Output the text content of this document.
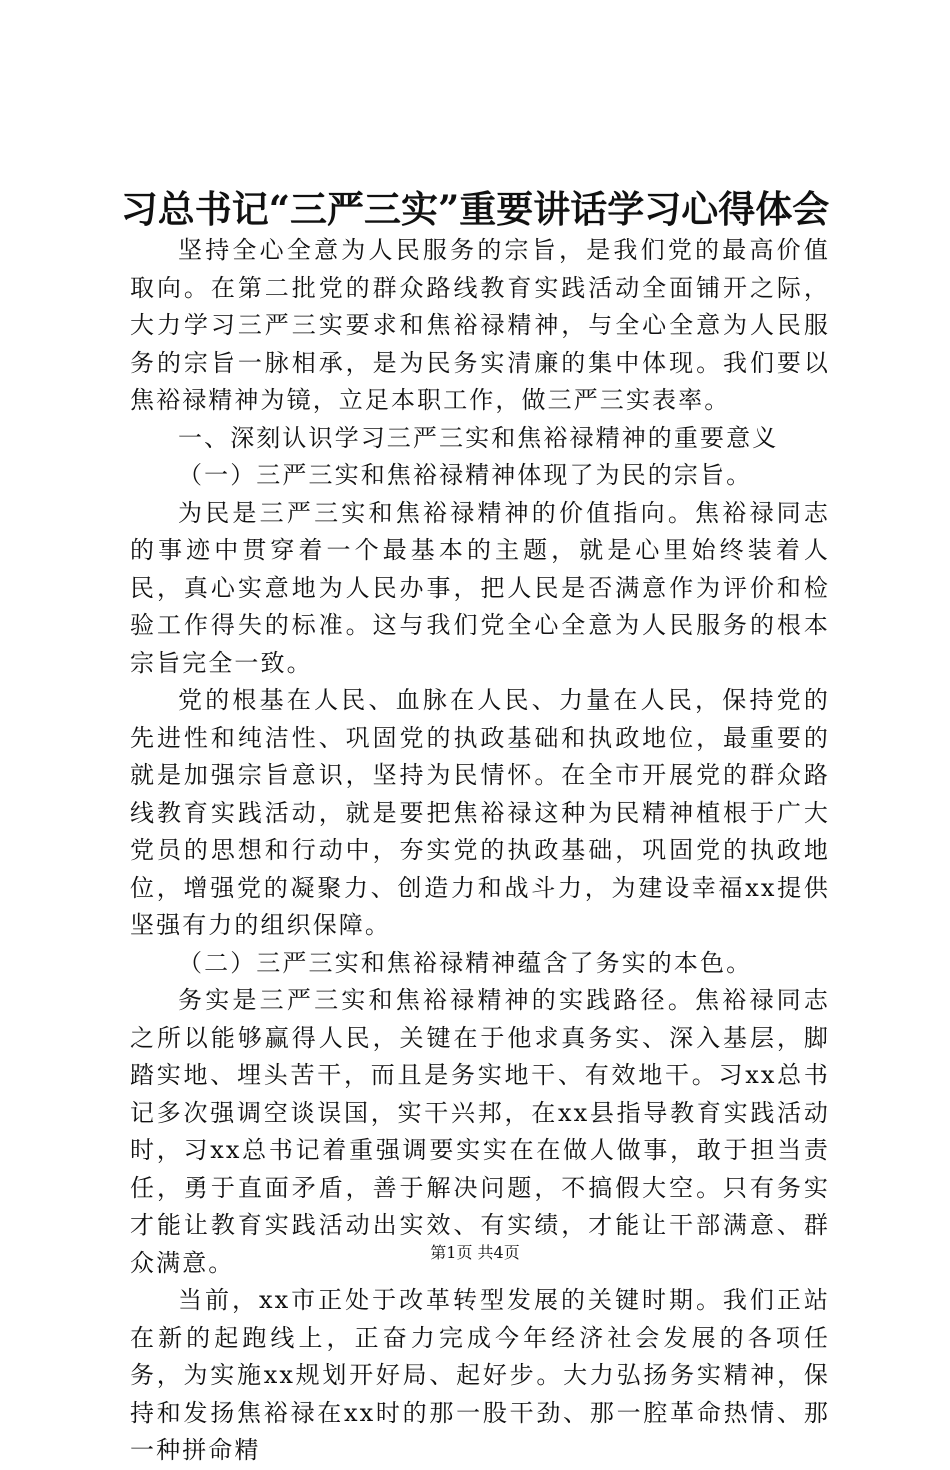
习总书记“三严三实”重要讲话学习心得体会

坚持全心全意为人民服务的宗旨，是我们党的最高价值取向。在第二批党的群众路线教育实践活动全面铺开之际，大力学习三严三实要求和焦裕禄精神，与全心全意为人民服务的宗旨一脉相承，是为民务实清廉的集中体现。我们要以焦裕禄精神为镜，立足本职工作，做三严三实表率。

一、深刻认识学习三严三实和焦裕禄精神的重要意义

（一）三严三实和焦裕禄精神体现了为民的宗旨。

为民是三严三实和焦裕禄精神的价值指向。焦裕禄同志的事迹中贯穿着一个最基本的主题，就是心里始终装着人民，真心实意地为人民办事，把人民是否满意作为评价和检验工作得失的标准。这与我们党全心全意为人民服务的根本宗旨完全一致。

党的根基在人民、血脉在人民、力量在人民，保持党的先进性和纯洁性、巩固党的执政基础和执政地位，最重要的就是加强宗旨意识，坚持为民情怀。在全市开展党的群众路线教育实践活动，就是要把焦裕禄这种为民精神植根于广大党员的思想和行动中，夯实党的执政基础，巩固党的执政地位，增强党的凝聚力、创造力和战斗力，为建设幸福xx提供坚强有力的组织保障。

（二）三严三实和焦裕禄精神蕴含了务实的本色。

务实是三严三实和焦裕禄精神的实践路径。焦裕禄同志之所以能够赢得人民，关键在于他求真务实、深入基层，脚踏实地、埋头苦干，而且是务实地干、有效地干。习xx总书记多次强调空谈误国，实干兴邦，在xx县指导教育实践活动时，习xx总书记着重强调要实实在在做人做事，敢于担当责任，勇于直面矛盾，善于解决问题，不搞假大空。只有务实才能让教育实践活动出实效、有实绩，才能让干部满意、群众满意。

当前，xx市正处于改革转型发展的关键时期。我们正站在新的起跑线上，正奋力完成今年经济社会发展的各项任务，为实施xx规划开好局、起好步。大力弘扬务实精神，保持和发扬焦裕禄在xx时的那一股干劲、那一腔革命热情、那一种拼命精

第1页 共4页
